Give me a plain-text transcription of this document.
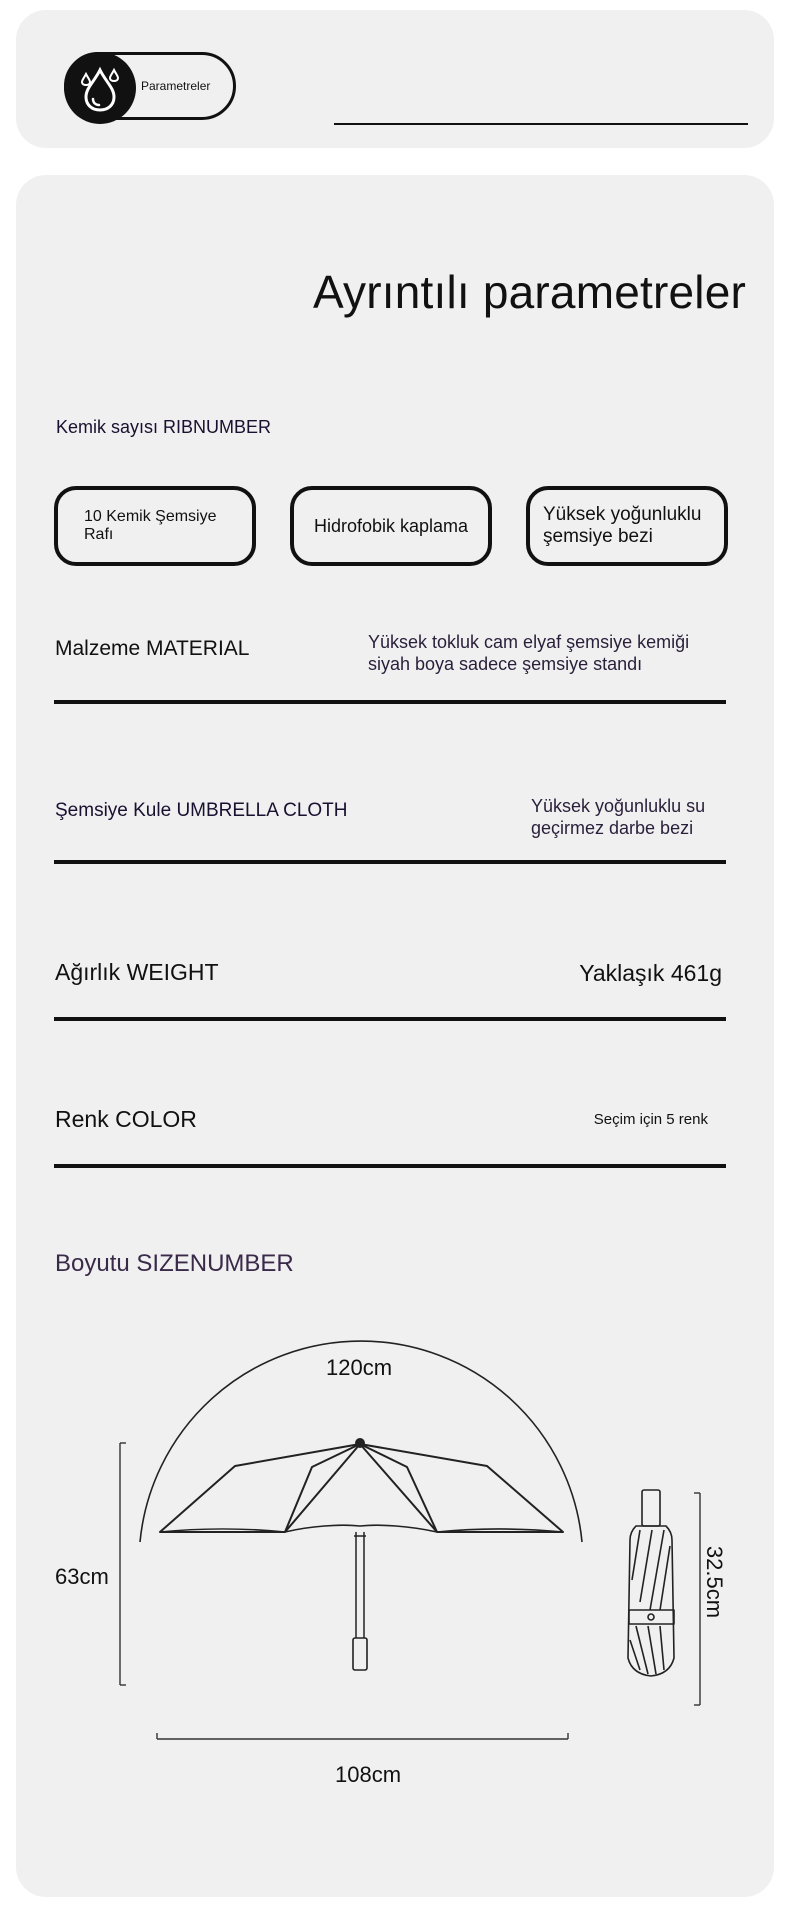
Parametreler
Ayrıntılı parametreler
Kemik sayısı RIBNUMBER
10 Kemik Şemsiye
Rafı	Hidrofobik kaplama
Yüksek yoğunluklu
şemsiye bezi
Malzeme MATERIAL	Yüksek tokluk cam elyaf şemsiye kemiği
siyah boya sadece şemsiye standı
Şemsiye Kule UMBRELLA CLOTH	Yüksek yoğunluklu su
geçirmez darbe bezi
Ağırlık WEIGHT	Yaklaşık 461g
Renk COLOR	Seçim için 5 renk
Boyutu SIZENUMBER
120cm
63cm
108cm
32.5cm
